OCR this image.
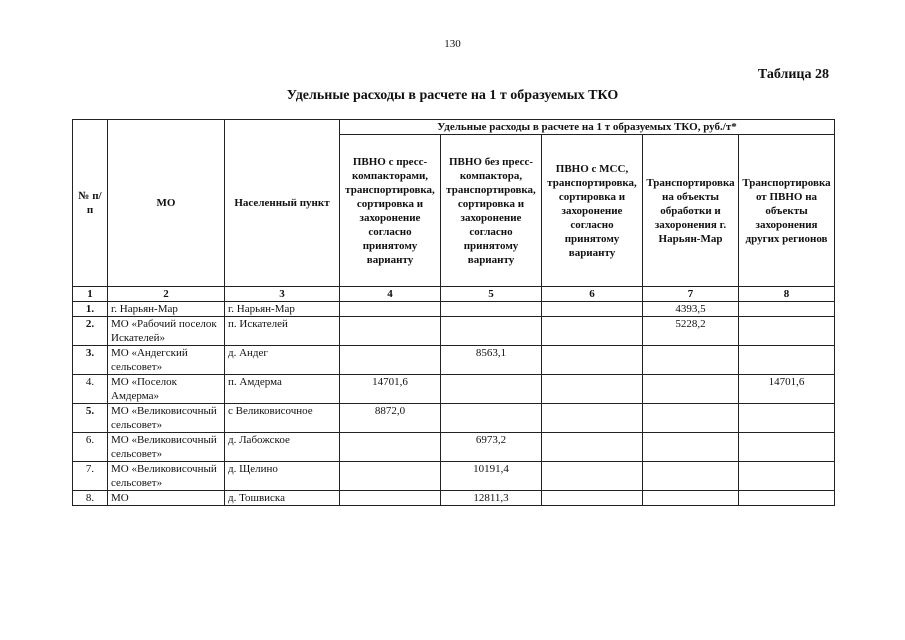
130
Таблица 28
Удельные расходы в расчете на 1 т образуемых ТКО
№ п/п	МО	Населенный пункт	Удельные расходы в расчете на 1 т образуемых ТКО, руб./т*				
			ПВНО с пресс-компакторами, транспортировка, сортировка и захоронение согласно принятому варианту	ПВНО без пресс-компактора, транспортировка, сортировка и захоронение согласно принятому варианту	ПВНО с МСС, транспортировка, сортировка и захоронение согласно принятому варианту	Транспортировка на объекты обработки и захоронения г. Нарьян-Мар	Транспортировка от ПВНО на объекты захоронения других регионов
1	2	3	4	5	6	7	8
1.	г. Нарьян-Мар	г. Нарьян-Мар				4393,5	
2.	МО «Рабочий поселок Искателей»	п. Искателей				5228,2	
3.	МО «Андегский сельсовет»	д. Андег		8563,1			
4.	МО «Поселок Амдерма»	п. Амдерма	14701,6				14701,6
5.	МО «Великовисочный сельсовет»	с Великовисочное	8872,0				
6.	МО «Великовисочный сельсовет»	д. Лабожское		6973,2			
7.	МО «Великовисочный сельсовет»	д. Щелино		10191,4			
8.	МО	д. Тошвиска		12811,3			
